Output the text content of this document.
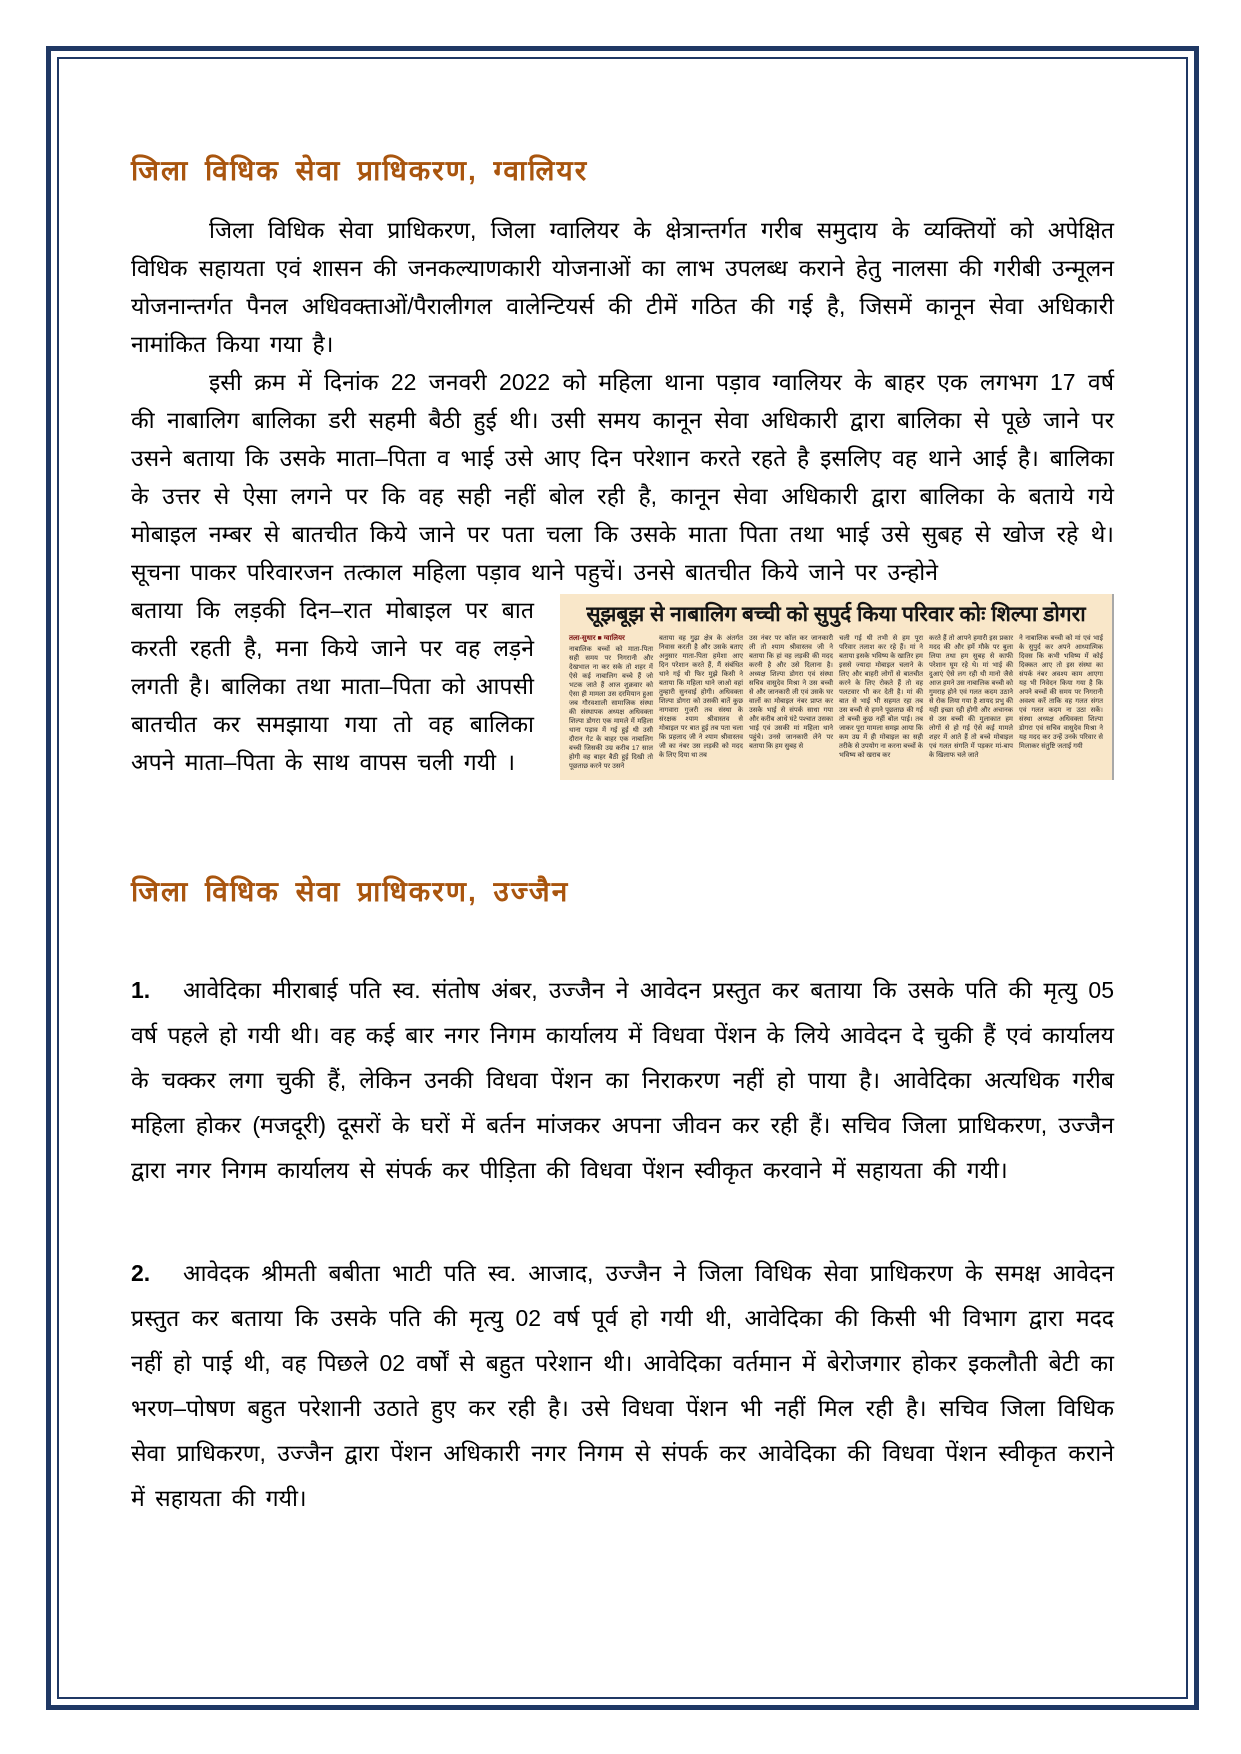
जिला विधिक सेवा प्राधिकरण, ग्वालियर

जिला विधिक सेवा प्राधिकरण, जिला ग्वालियर के क्षेत्रान्तर्गत गरीब समुदाय के व्यक्तियों को अपेक्षित विधिक सहायता एवं शासन की जनकल्याणकारी योजनाओं का लाभ उपलब्ध कराने हेतु नालसा की गरीबी उन्मूलन योजनान्तर्गत पैनल अधिवक्ताओं/पैरालीगल वालेन्टियर्स की टीमें गठित की गई है, जिसमें कानून सेवा अधिकारी नामांकित किया गया है।

इसी क्रम में दिनांक 22 जनवरी 2022 को महिला थाना पड़ाव ग्वालियर के बाहर एक लगभग 17 वर्ष की नाबालिग बालिका डरी सहमी बैठी हुई थी। उसी समय कानून सेवा अधिकारी द्वारा बालिका से पूछे जाने पर उसने बताया कि उसके माता–पिता व भाई उसे आए दिन परेशान करते रहते है इसलिए वह थाने आई है। बालिका के उत्तर से ऐसा लगने पर कि वह सही नहीं बोल रही है, कानून सेवा अधिकारी द्वारा बालिका के बताये गये मोबाइल नम्बर से बातचीत किये जाने पर पता चला कि उसके माता पिता तथा भाई उसे सुबह से खोज रहे थे। सूचना पाकर परिवारजन तत्काल महिला पड़ाव थाने पहुचें। उनसे बातचीत किये जाने पर उन्होने

सूझबूझ से नाबालिग बच्ची को सुपुर्द किया परिवार कोः शिल्पा डोगरा
तला-सुधार ■ ग्वालियर
नाबालिक बच्चों को माता-पिता सही समय पर निगरानी और देखभाल ना कर सके तो शहर में ऐसे कई नाबालिग बच्चे हैं जो भटक जाते हैं आज शुक्रवार को ऐसा ही मामला उस दरमियान हुआ जब गौरवशाली सामाजिक संस्था की संस्थापक अध्यक्ष अधिवक्ता शिल्पा डोगरा एक मामले में महिला थाना पड़ाव में गई हुई थी उसी दौरान गेट के बाहर एक नाबालिग बच्ची जिसकी उम्र करीब 17 साल होगी वह बाहर बैठी हुई दिखी तो पूछताछ करने पर उसने
बताया वह गुढ़ा क्षेत्र के अंतर्गत निवास करती है और उसके बताए अनुसार माता-पिता हमेशा आए दिन परेशान करते हैं, मैं संबंधित थाने गई थी फिर मुझे किसी ने बताया कि महिला थाने जाओ वहां तुम्हारी सुनवाई होगी। अधिवक्ता शिल्पा डोगरा को उसकी बातें कुछ नागवारा गुजरी तब संस्था के संरक्षक श्याम श्रीवास्तव से मोबाइल पर बात हुई तब पता चला कि प्रहलाद जी ने श्याम श्रीवास्तव जी का नंबर उस लड़की को मदद के लिए दिया था तब
उस नंबर पर कॉल कर जानकारी ली तो श्याम श्रीवास्तव जी ने बताया कि हां वह लड़की की मदद करनी है और उसे दिलाना है। अध्यक्ष शिल्पा डोगरा एवं संस्था सचिव वासुदेव मिश्रा ने उस बच्ची से और जानकारी ली एवं उसके घर वालों का मोबाइल नंबर प्राप्त कर उसके भाई से संपर्क साधा गया और करीब आधे घंटे पश्चात उसका भाई एवं उसकी मां महिला थाने पहुंचे। उनसे जानकारी लेने पर बताया कि हम सुबह से
चली गई थी तभी से हम पूरा परिवार तलाश कर रहे हैं। मां ने बताया इसके भविष्य के खातिर हम इससे ज्यादा मोबाइल चलाने के लिए और बाहरी लोगों से बातचीत करने के लिए रोकते हैं तो वह पलटवार भी कर देती है। मां की बात से भाई भी सहमत रहा तब उस बच्ची से हमने पूछताछ की गई तो बच्ची कुछ नहीं बोल पाई। तब जाकर पूरा मामला समझ आया कि कम उम्र में ही मोबाइल का सही तरीके से उपयोग ना करना बच्चों के भविष्य को खराब कर
करते हैं तो आपने हमारी इस प्रकार मदद की और हमें मौके पर बुला लिया तथा हम सुबह से काफी परेशान घूम रहे थे। मां भाई की दुआएं ऐसे लग रही थी मानो जैसे आज हमने उस नाबालिक बच्ची को गुमराह होने एवं गलत कदम उठाने से रोक लिया गया है शायद प्रभु की यही इच्छा रही होगी और अचानक से उस बच्ची की मुलाकात हम लोगों से हो गई ऐसे कई मामले शहर में आते हैं तो बच्चे मोबाइल एवं गलत संगति में पड़कर मां-बाप के खिलाफ चले जाते
ने नाबालिक बच्ची को मां एवं भाई के सुपुर्द कर अपने आध्यात्मिक दिवस कि कभी भविष्य में कोई दिक्कत आए तो इस संस्था का संपर्क नंबर अवश्य काम आएगा यह भी निवेदन किया गया है कि अपने बच्चों की समय पर निगरानी अवश्य करें ताकि वह गलत संगत एवं गलत कदम ना उठा सकें। संस्था अध्यक्ष अधिवक्ता शिल्पा डोगरा एवं सचिव वासुदेव मिश्रा ने यह मदद कर उन्हें उनके परिवार से मिलाकर संतुष्टि जताई गयी

बताया कि लड़की दिन–रात मोबाइल पर बात करती रहती है, मना किये जाने पर वह लड़ने लगती है। बालिका तथा माता–पिता को आपसी बातचीत कर समझाया गया तो वह बालिका अपने माता–पिता के साथ वापस चली गयी ।

जिला विधिक सेवा प्राधिकरण, उज्जैन

1. आवेदिका मीराबाई पति स्व. संतोष अंबर, उज्जैन ने आवेदन प्रस्तुत कर बताया कि उसके पति की मृत्यु 05 वर्ष पहले हो गयी थी। वह कई बार नगर निगम कार्यालय में विधवा पेंशन के लिये आवेदन दे चुकी हैं एवं कार्यालय के चक्कर लगा चुकी हैं, लेकिन उनकी विधवा पेंशन का निराकरण नहीं हो पाया है। आवेदिका अत्यधिक गरीब महिला होकर (मजदूरी) दूसरों के घरों में बर्तन मांजकर अपना जीवन कर रही हैं। सचिव जिला प्राधिकरण, उज्जैन द्वारा नगर निगम कार्यालय से संपर्क कर पीड़िता की विधवा पेंशन स्वीकृत करवाने में सहायता की गयी।

2. आवेदक श्रीमती बबीता भाटी पति स्व. आजाद, उज्जैन ने जिला विधिक सेवा प्राधिकरण के समक्ष आवेदन प्रस्तुत कर बताया कि उसके पति की मृत्यु 02 वर्ष पूर्व हो गयी थी, आवेदिका की किसी भी विभाग द्वारा मदद नहीं हो पाई थी, वह पिछले 02 वर्षों से बहुत परेशान थी। आवेदिका वर्तमान में बेरोजगार होकर इकलौती बेटी का भरण–पोषण बहुत परेशानी उठाते हुए कर रही है। उसे विधवा पेंशन भी नहीं मिल रही है। सचिव जिला विधिक सेवा प्राधिकरण, उज्जैन द्वारा पेंशन अधिकारी नगर निगम से संपर्क कर आवेदिका की विधवा पेंशन स्वीकृत कराने में सहायता की गयी।
